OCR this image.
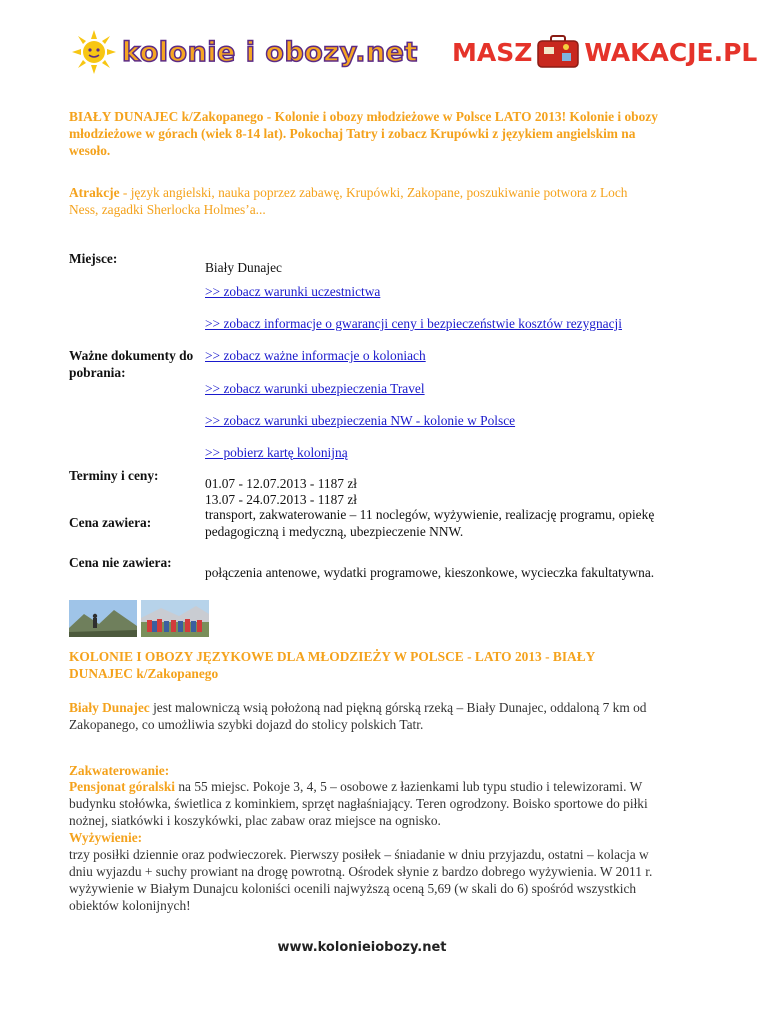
kolonie i obozy.net MASZ WAKACJE.PL

BIAŁY DUNAJEC k/Zakopanego - Kolonie i obozy młodzieżowe w Polsce LATO 2013! Kolonie i obozy młodzieżowe w górach (wiek 8-14 lat). Pokochaj Tatry i zobacz Krupówki z językiem angielskim na wesoło.

Atrakcje - język angielski, nauka poprzez zabawę, Krupówki, Zakopane, poszukiwanie potwora z Loch Ness, zagadki Sherlocka Holmes’a...

Miejsce:

Biały Dunajec

>> zobacz warunki uczestnictwa
>> zobacz informacje o gwarancji ceny i bezpieczeństwie kosztów rezygnacji

Ważne dokumenty do pobrania:

>> zobacz ważne informacje o koloniach
>> zobacz warunki ubezpieczenia Travel
>> zobacz warunki ubezpieczenia NW - kolonie w Polsce
>> pobierz kartę kolonijną

Terminy i ceny:

01.07 - 12.07.2013 - 1187 zł

13.07 - 24.07.2013 - 1187 zł

Cena zawiera:

transport, zakwaterowanie – 11 noclegów, wyżywienie, realizację programu, opiekę pedagogiczną i medyczną, ubezpieczenie NNW.

Cena nie zawiera:

połączenia antenowe, wydatki programowe, kieszonkowe, wycieczka fakultatywna.

KOLONIE I OBOZY JĘZYKOWE DLA MŁODZIEŻY W POLSCE - LATO 2013 - BIAŁY DUNAJEC k/Zakopanego

Biały Dunajec jest malowniczą wsią położoną nad piękną górską rzeką – Biały Dunajec, oddaloną 7 km od Zakopanego, co umożliwia szybki dojazd do stolicy polskich Tatr.

Zakwaterowanie:

Pensjonat góralski na 55 miejsc. Pokoje 3, 4, 5 – osobowe z łazienkami lub typu studio i telewizorami. W budynku stołówka, świetlica z kominkiem, sprzęt nagłaśniający. Teren ogrodzony. Boisko sportowe do piłki nożnej, siatkówki i koszykówki, plac zabaw oraz miejsce na ognisko.

Wyżywienie:

trzy posiłki dziennie oraz podwieczorek. Pierwszy posiłek – śniadanie w dniu przyjazdu, ostatni – kolacja w dniu wyjazdu + suchy prowiant na drogę powrotną. Ośrodek słynie z bardzo dobrego wyżywienia. W 2011 r. wyżywienie w Białym Dunajcu koloniści ocenili najwyższą oceną 5,69 (w skali do 6) spośród wszystkich obiektów kolonijnych!

www.kolonieiobozy.net
